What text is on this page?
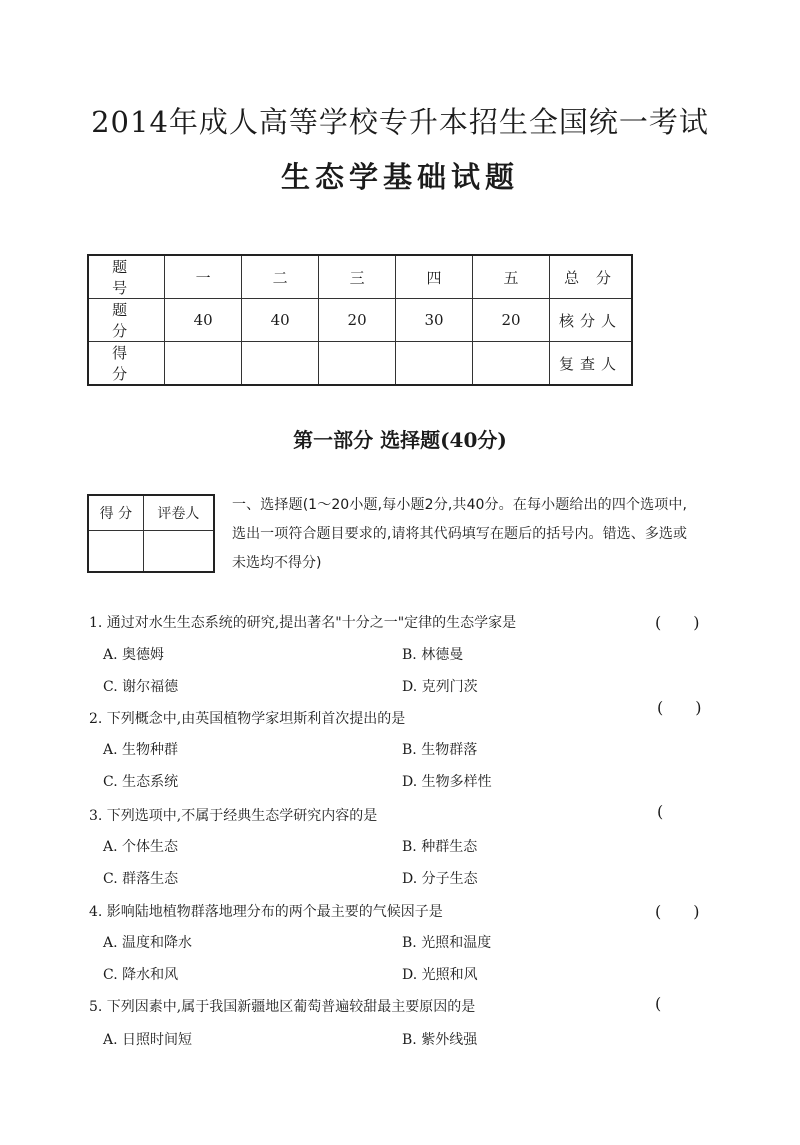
2014年成人高等学校专升本招生全国统一考试
生态学基础试题
题 号	一	二	三	四	五	总 分
题 分	40	40	20	30	20	核分人
得 分						复查人
第一部分 选择题(40分)
得 分	评卷人

一、选择题(1～20小题,每小题2分,共40分。在每小题给出的四个选项中,选出一项符合题目要求的,请将其代码填写在题后的括号内。错选、多选或未选均不得分)
1. 通过对水生生态系统的研究,提出著名"十分之一"定律的生态学家是	(　　)
A. 奥德姆	B. 林德曼
C. 谢尔福德	D. 克列门茨
2. 下列概念中,由英国植物学家坦斯利首次提出的是
(　　)
A. 生物种群	B. 生物群落
C. 生态系统	D. 生物多样性
3. 下列选项中,不属于经典生态学研究内容的是	(
A. 个体生态	B. 种群生态
C. 群落生态	D. 分子生态
4. 影响陆地植物群落地理分布的两个最主要的气候因子是	(　　)
A. 温度和降水	B. 光照和温度
C. 降水和风	D. 光照和风
5. 下列因素中,属于我国新疆地区葡萄普遍较甜最主要原因的是	(
A. 日照时间短	B. 紫外线强
